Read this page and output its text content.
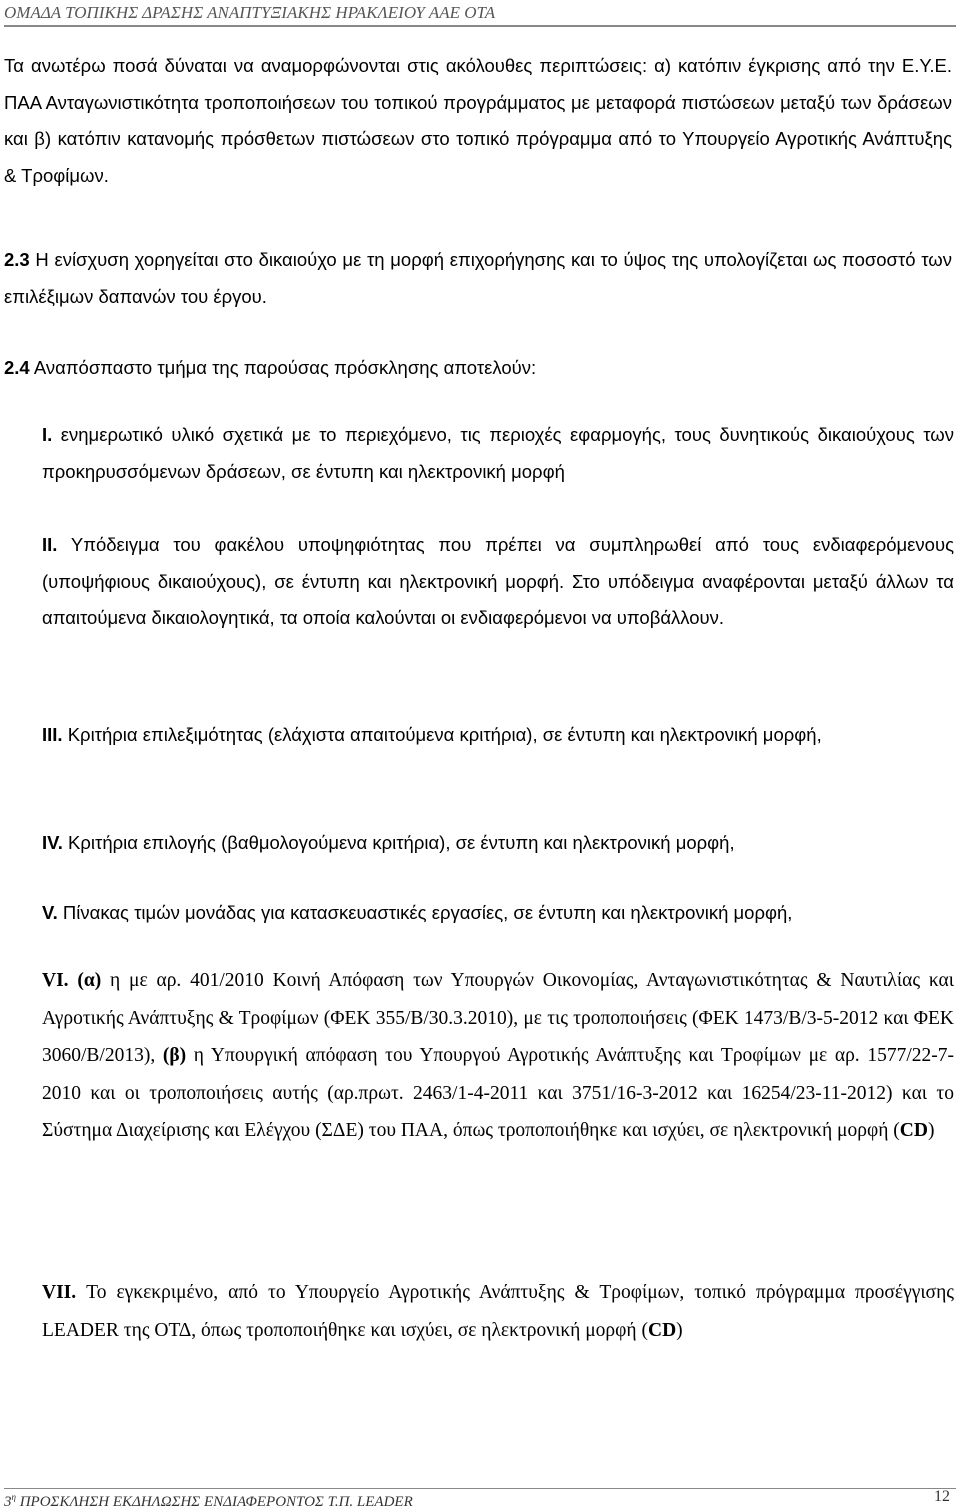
ΟΜΑΔΑ ΤΟΠΙΚΗΣ ΔΡΑΣΗΣ ΑΝΑΠΤΥΞΙΑΚΗΣ ΗΡΑΚΛΕΙΟΥ ΑΑΕ ΟΤΑ
Τα ανωτέρω ποσά δύναται να αναμορφώνονται στις ακόλουθες περιπτώσεις: α) κατόπιν έγκρισης από την Ε.Υ.Ε. ΠΑΑ Ανταγωνιστικότητα τροποποιήσεων του τοπικού προγράμματος με μεταφορά πιστώσεων μεταξύ των δράσεων και β) κατόπιν κατανομής πρόσθετων πιστώσεων στο τοπικό πρόγραμμα από το Υπουργείο Αγροτικής Ανάπτυξης & Τροφίμων.
2.3 Η ενίσχυση χορηγείται στο δικαιούχο με τη μορφή επιχορήγησης και το ύψος της υπολογίζεται ως ποσοστό των επιλέξιμων δαπανών του έργου.
2.4 Αναπόσπαστο τμήμα της παρούσας πρόσκλησης αποτελούν:
Ι. ενημερωτικό υλικό σχετικά με το περιεχόμενο, τις περιοχές εφαρμογής, τους δυνητικούς δικαιούχους των προκηρυσσόμενων δράσεων, σε έντυπη και ηλεκτρονική μορφή
ΙΙ. Υπόδειγμα του φακέλου υποψηφιότητας που πρέπει να συμπληρωθεί από τους ενδιαφερόμενους (υποψήφιους δικαιούχους), σε έντυπη και ηλεκτρονική μορφή. Στο υπόδειγμα αναφέρονται μεταξύ άλλων τα απαιτούμενα δικαιολογητικά, τα οποία καλούνται οι ενδιαφερόμενοι να υποβάλλουν.
ΙΙΙ. Κριτήρια επιλεξιμότητας (ελάχιστα απαιτούμενα κριτήρια), σε έντυπη και ηλεκτρονική μορφή,
IV. Κριτήρια επιλογής (βαθμολογούμενα κριτήρια), σε έντυπη και ηλεκτρονική μορφή,
V. Πίνακας τιμών μονάδας για κατασκευαστικές εργασίες, σε έντυπη και ηλεκτρονική μορφή,
VI. (α) η με αρ. 401/2010 Κοινή Απόφαση των Υπουργών Οικονομίας, Ανταγωνιστικότητας & Ναυτιλίας και Αγροτικής Ανάπτυξης & Τροφίμων (ΦΕΚ 355/Β/30.3.2010), με τις τροποποιήσεις (ΦΕΚ 1473/Β/3-5-2012 και ΦΕΚ 3060/Β/2013), (β) η Υπουργική απόφαση του Υπουργού Αγροτικής Ανάπτυξης και Τροφίμων με αρ. 1577/22-7-2010 και οι τροποποιήσεις αυτής (αρ.πρωτ. 2463/1-4-2011 και 3751/16-3-2012 και 16254/23-11-2012) και το Σύστημα Διαχείρισης και Ελέγχου (ΣΔΕ) του ΠΑΑ, όπως τροποποιήθηκε και ισχύει, σε ηλεκτρονική μορφή (CD)
VII. Το εγκεκριμένο, από το Υπουργείο Αγροτικής Ανάπτυξης & Τροφίμων, τοπικό πρόγραμμα προσέγγισης LEADER της ΟΤΔ, όπως τροποποιήθηκε και ισχύει, σε ηλεκτρονική μορφή (CD)
$3^\eta$ ΠΡΟΣΚΛΗΣΗ ΕΚΔΗΛΩΣΗΣ ΕΝΔΙΑΦΕΡΟΝΤΟΣ Τ.Π. LEADER	12
